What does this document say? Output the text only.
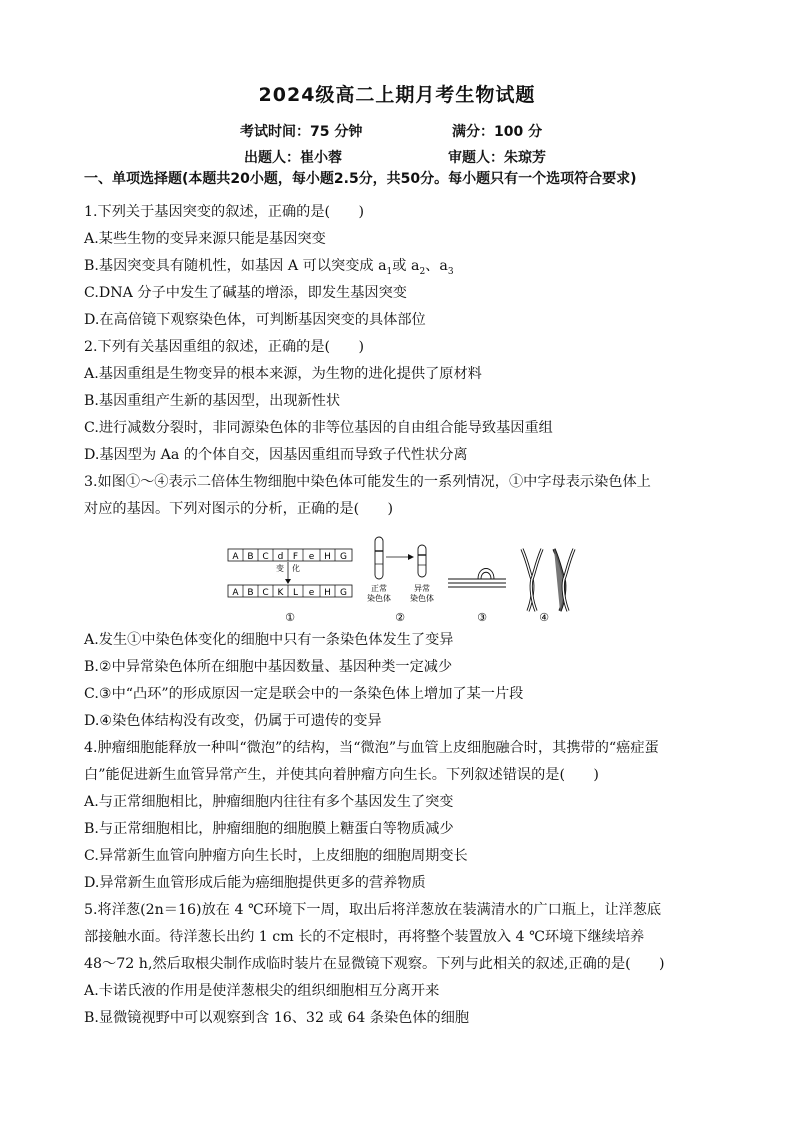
2024级高二上期月考生物试题
考试时间：75 分钟	满分：100 分
出题人：崔小蓉	审题人：朱琼芳
一、单项选择题(本题共20小题，每小题2.5分，共50分。每小题只有一个选项符合要求)
1.下列关于基因突变的叙述，正确的是(　　)
A.某些生物的变异来源只能是基因突变
B.基因突变具有随机性，如基因 A 可以突变成 $a_1$或 $a_2$、$a_3$
C.DNA 分子中发生了碱基的增添，即发生基因突变
D.在高倍镜下观察染色体，可判断基因突变的具体部位
2.下列有关基因重组的叙述，正确的是(　　)
A.基因重组是生物变异的根本来源，为生物的进化提供了原材料
B.基因重组产生新的基因型，出现新性状
C.进行减数分裂时，非同源染色体的非等位基因的自由组合能导致基因重组
D.基因型为 Aa 的个体自交，因基因重组而导致子代性状分离
3.如图①～④表示二倍体生物细胞中染色体可能发生的一系列情况，①中字母表示染色体上
对应的基因。下列对图示的分析，正确的是(　　)
A B C d F e H G
变　化
A B C K L e H G	正常
染色体
异常
染色体
①	②	③	④
A.发生①中染色体变化的细胞中只有一条染色体发生了变异
B.②中异常染色体所在细胞中基因数量、基因种类一定减少
C.③中“凸环”的形成原因一定是联会中的一条染色体上增加了某一片段
D.④染色体结构没有改变，仍属于可遗传的变异
4.肿瘤细胞能释放一种叫“微泡”的结构，当“微泡”与血管上皮细胞融合时，其携带的“癌症蛋
白”能促进新生血管异常产生，并使其向着肿瘤方向生长。下列叙述错误的是(　　)
A.与正常细胞相比，肿瘤细胞内往往有多个基因发生了突变
B.与正常细胞相比，肿瘤细胞的细胞膜上糖蛋白等物质减少
C.异常新生血管向肿瘤方向生长时，上皮细胞的细胞周期变长
D.异常新生血管形成后能为癌细胞提供更多的营养物质
5.将洋葱(2n＝16)放在 4 ℃环境下一周，取出后将洋葱放在装满清水的广口瓶上，让洋葱底
部接触水面。待洋葱长出约 1 cm 长的不定根时，再将整个装置放入 4 ℃环境下继续培养
48～72 h,然后取根尖制作成临时装片在显微镜下观察。下列与此相关的叙述,正确的是(　　)
A.卡诺氏液的作用是使洋葱根尖的组织细胞相互分离开来
B.显微镜视野中可以观察到含 16、32 或 64 条染色体的细胞
